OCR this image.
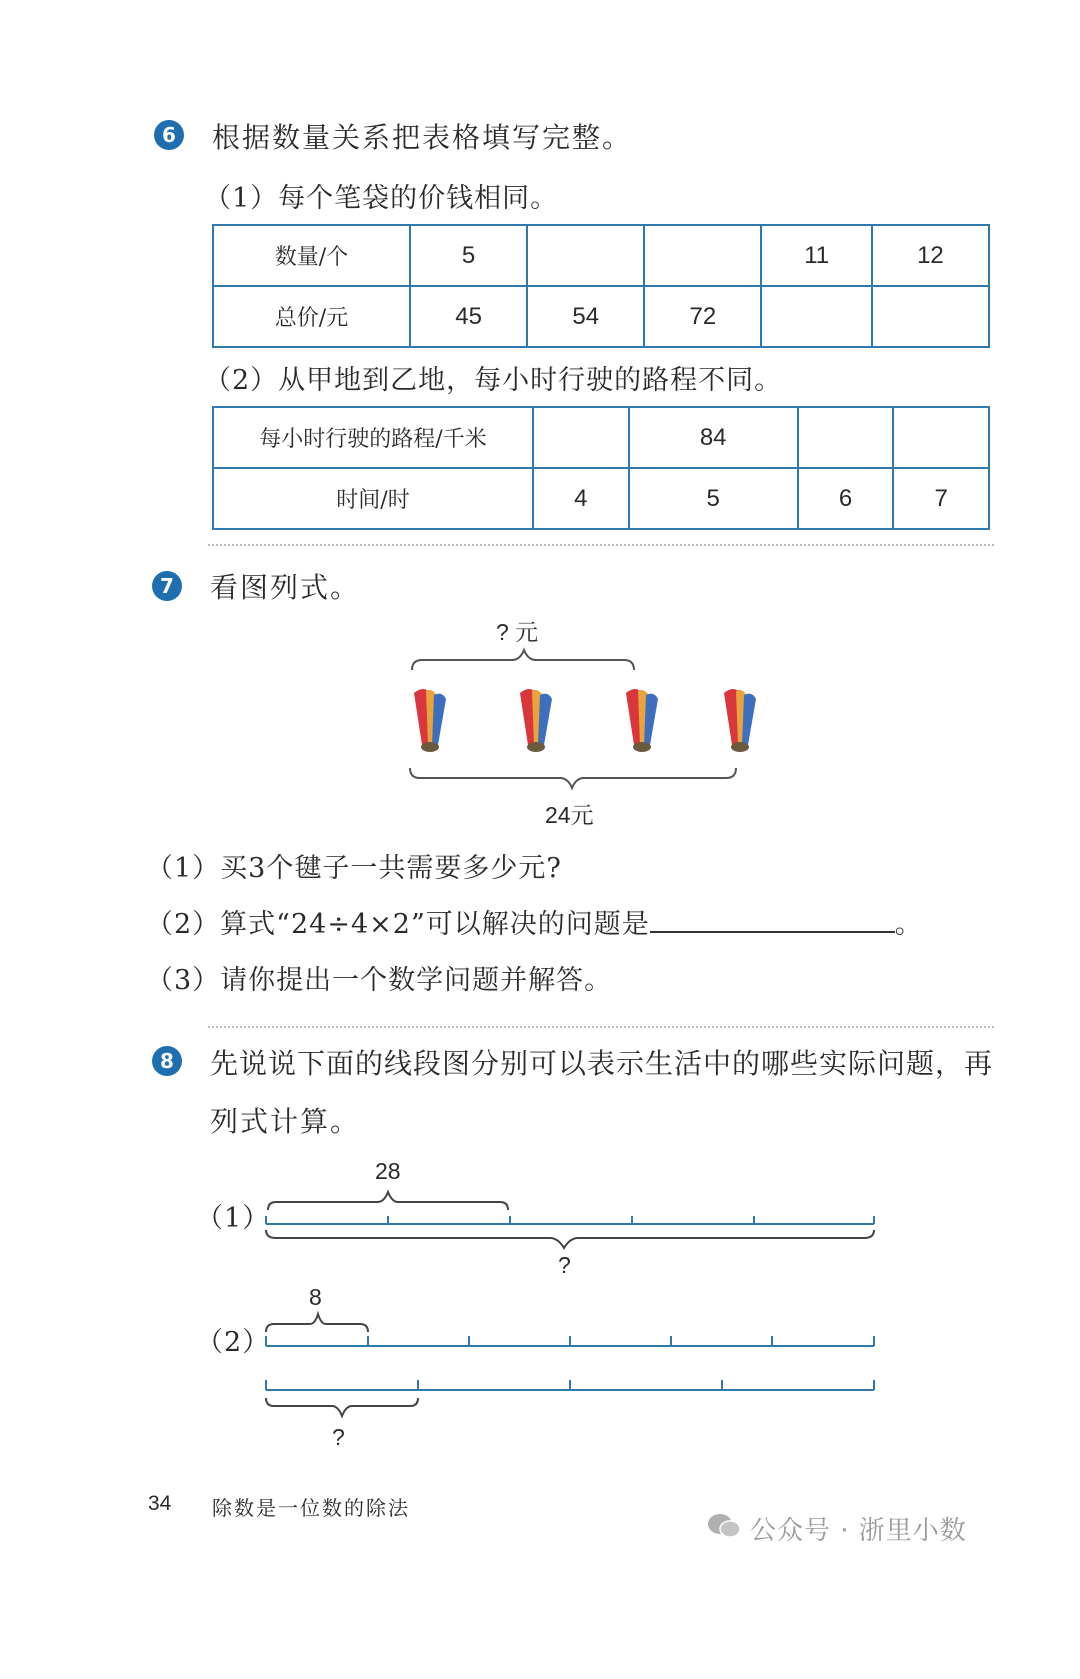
6 根据数量关系把表格填写完整。
（1）每个笔袋的价钱相同。
数量/个	5			11	12
总价/元	45	54	72		
（2）从甲地到乙地，每小时行驶的路程不同。
每小时行驶的路程/千米		84		
时间/时	4	5	6	7
7 看图列式。
? 元
24元
（1）买3个毽子一共需要多少元?
（2）算式“24÷4×2”可以解决的问题是	。
（3）请你提出一个数学问题并解答。
8 先说说下面的线段图分别可以表示生活中的哪些实际问题，再
列式计算。
（1）
28
?
（2）
8
?
34 除数是一位数的除法
公众号 · 浙里小数
